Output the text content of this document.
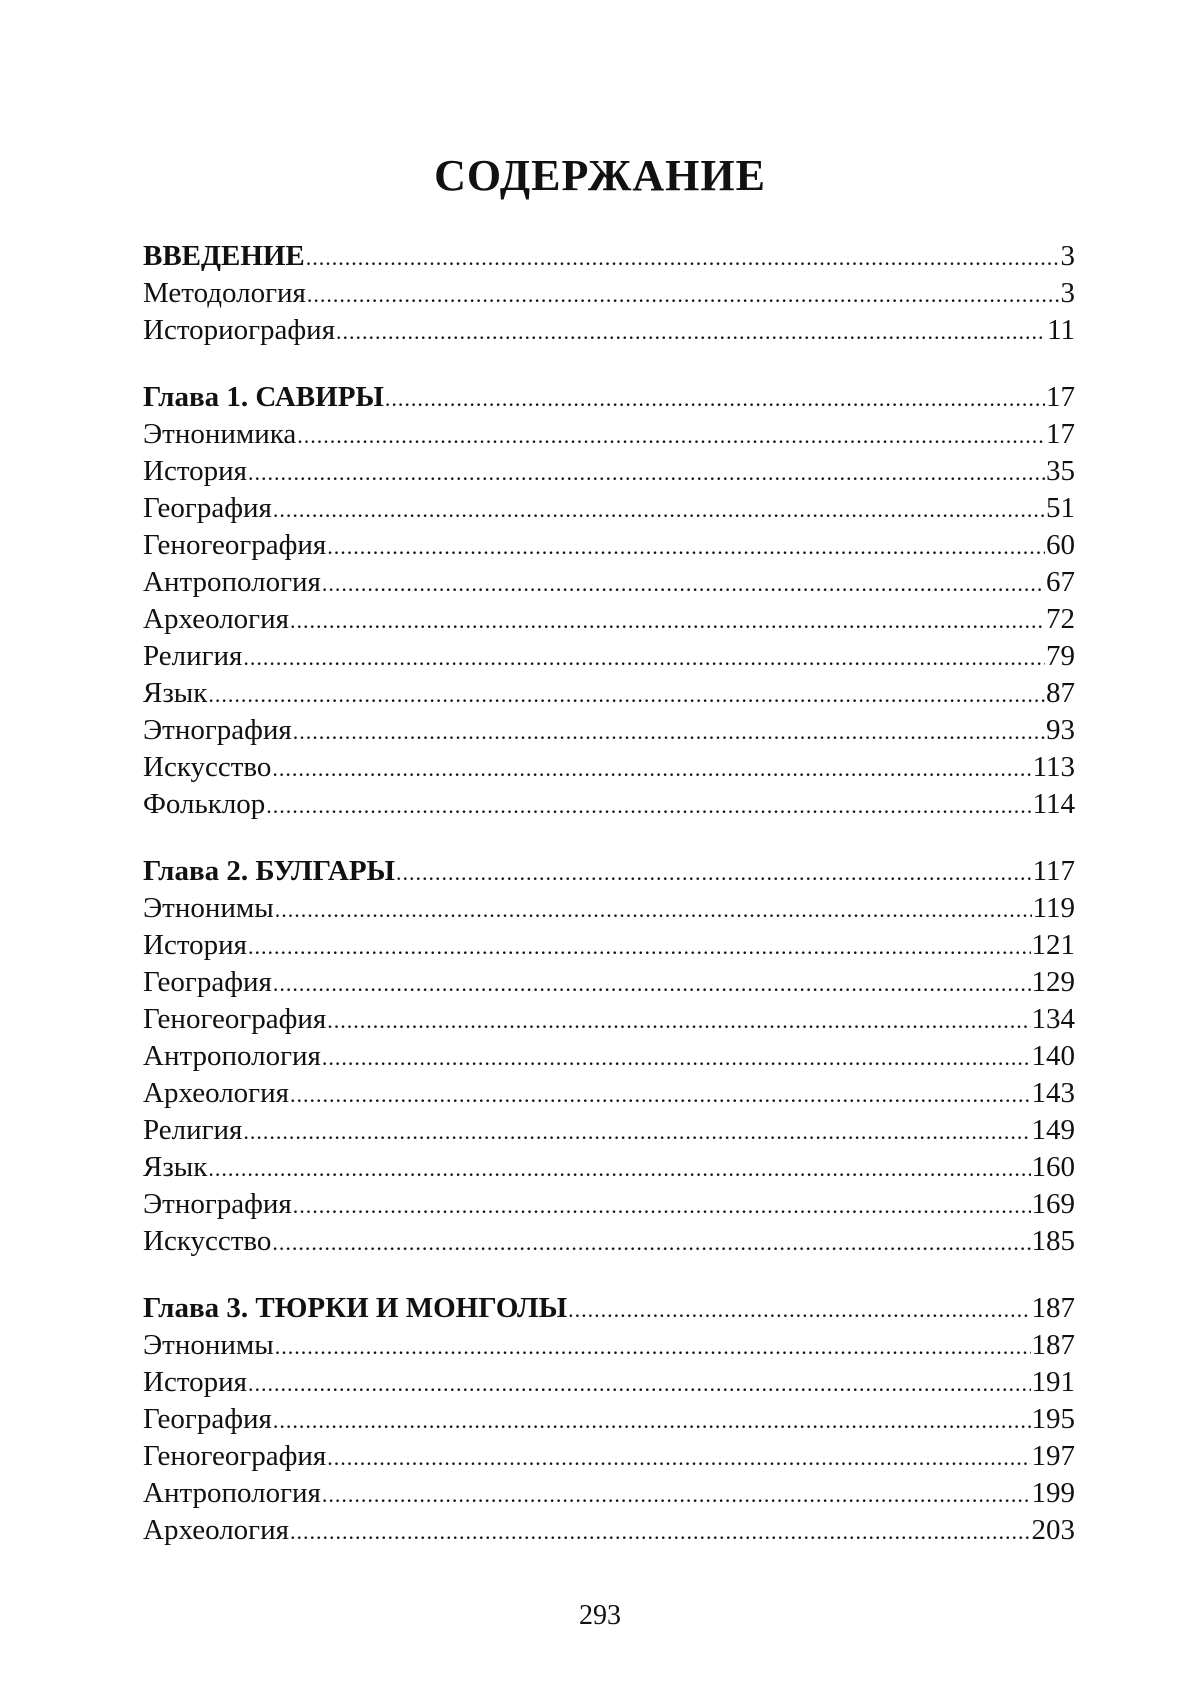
СОДЕРЖАНИЕ
ВВЕДЕНИЕ .....	3
Методология .....	3
Историография .....	11
Глава 1. САВИРЫ .....	17
Этнонимика .....	17
История .....	35
География .....	51
Геногеография .....	60
Антропология .....	67
Археология .....	72
Религия .....	79
Язык .....	87
Этнография .....	93
Искусство .....	113
Фольклор .....	114
Глава 2. БУЛГАРЫ .....	117
Этнонимы .....	119
История .....	121
География .....	129
Геногеография .....	134
Антропология .....	140
Археология .....	143
Религия .....	149
Язык .....	160
Этнография .....	169
Искусство .....	185
Глава 3. ТЮРКИ И МОНГОЛЫ .....	187
Этнонимы .....	187
История .....	191
География .....	195
Геногеография .....	197
Антропология .....	199
Археология .....	203
293
